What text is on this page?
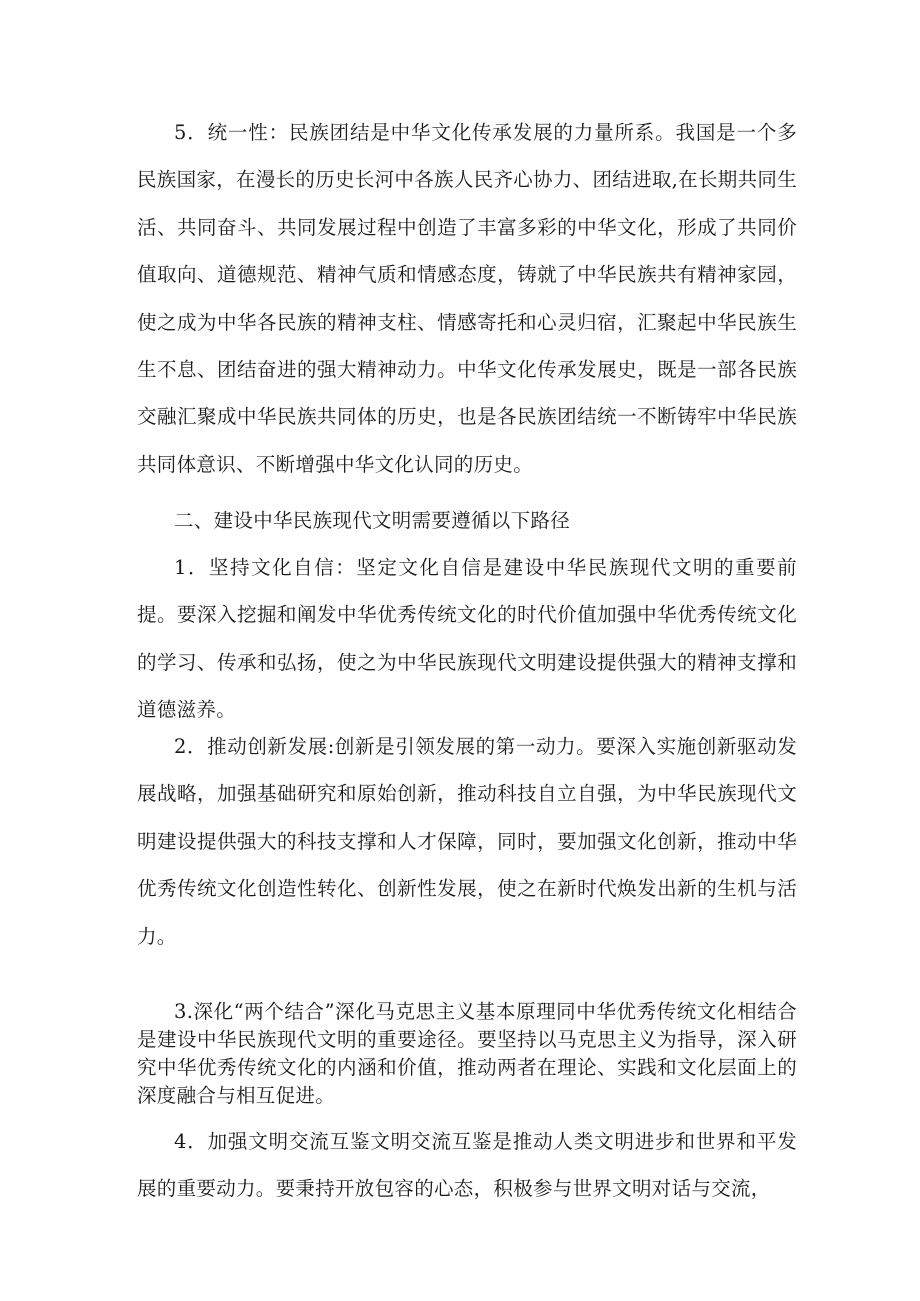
5．统一性：民族团结是中华文化传承发展的力量所系。我国是一个多民族国家，在漫长的历史长河中各族人民齐心协力、团结进取,在长期共同生活、共同奋斗、共同发展过程中创造了丰富多彩的中华文化，形成了共同价值取向、道德规范、精神气质和情感态度，铸就了中华民族共有精神家园，使之成为中华各民族的精神支柱、情感寄托和心灵归宿，汇聚起中华民族生生不息、团结奋进的强大精神动力。中华文化传承发展史，既是一部各民族交融汇聚成中华民族共同体的历史，也是各民族团结统一不断铸牢中华民族共同体意识、不断增强中华文化认同的历史。

二、建设中华民族现代文明需要遵循以下路径

1．坚持文化自信：坚定文化自信是建设中华民族现代文明的重要前提。要深入挖掘和阐发中华优秀传统文化的时代价值加强中华优秀传统文化的学习、传承和弘扬，使之为中华民族现代文明建设提供强大的精神支撑和道德滋养。

2．推动创新发展:创新是引领发展的第一动力。要深入实施创新驱动发展战略，加强基础研究和原始创新，推动科技自立自强，为中华民族现代文明建设提供强大的科技支撑和人才保障，同时，要加强文化创新，推动中华优秀传统文化创造性转化、创新性发展，使之在新时代焕发出新的生机与活力。

3.深化“两个结合”深化马克思主义基本原理同中华优秀传统文化相结合是建设中华民族现代文明的重要途径。要坚持以马克思主义为指导，深入研究中华优秀传统文化的内涵和价值，推动两者在理论、实践和文化层面上的深度融合与相互促进。

4．加强文明交流互鉴文明交流互鉴是推动人类文明进步和世界和平发展的重要动力。要秉持开放包容的心态，积极参与世界文明对话与交流，
